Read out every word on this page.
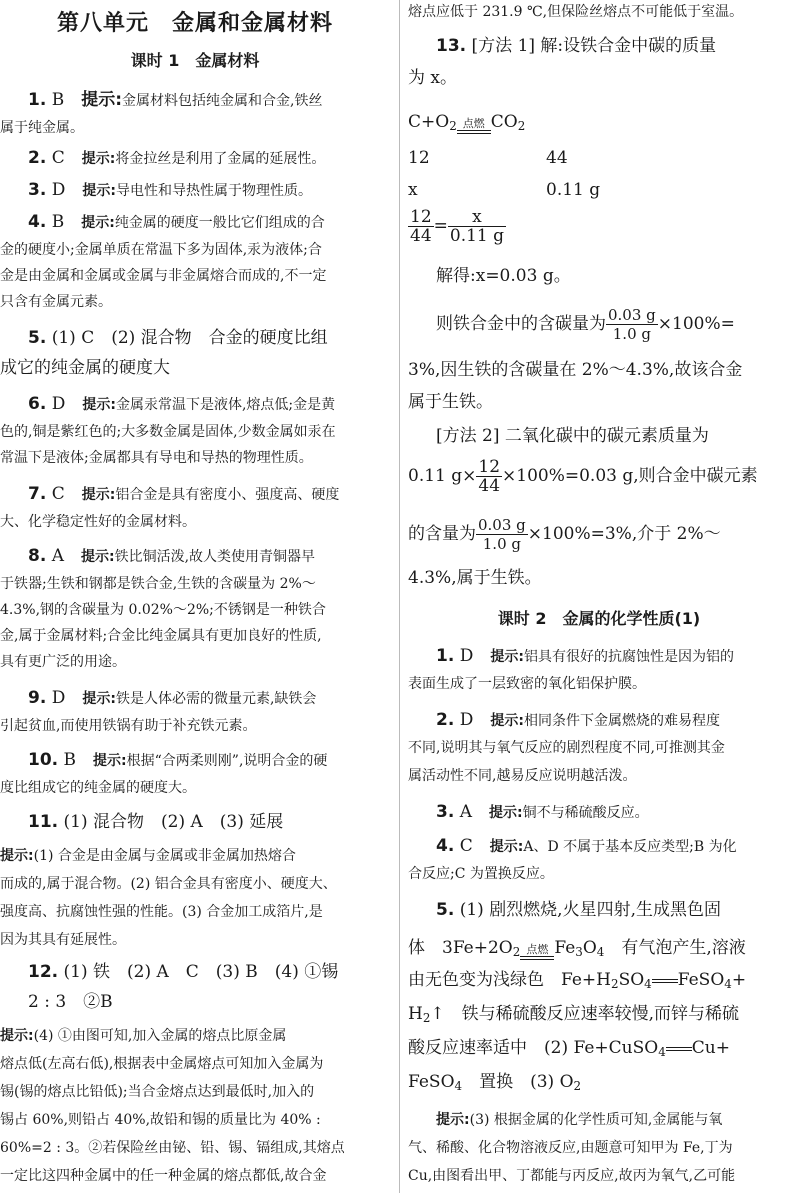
第八单元　金属和金属材料
课时 1　金属材料
1. B　 提示:金属材料包括纯金属和合金,铁丝
属于纯金属。
2. C　 提示:将金拉丝是利用了金属的延展性。
3. D　 提示:导电性和导热性属于物理性质。
4. B　 提示:纯金属的硬度一般比它们组成的合
金的硬度小;金属单质在常温下多为固体,汞为液体;合
金是由金属和金属或金属与非金属熔合而成的,不一定
只含有金属元素。
5. (1) C　(2) 混合物　合金的硬度比组
成它的纯金属的硬度大
6. D　 提示:金属汞常温下是液体,熔点低;金是黄
色的,铜是紫红色的;大多数金属是固体,少数金属如汞在
常温下是液体;金属都具有导电和导热的物理性质。
7. C　 提示:铝合金是具有密度小、强度高、硬度
大、化学稳定性好的金属材料。
8. A　 提示:铁比铜活泼,故人类使用青铜器早
于铁器;生铁和钢都是铁合金,生铁的含碳量为 2%～
4.3%,钢的含碳量为 0.02%～2%;不锈钢是一种铁合
金,属于金属材料;合金比纯金属具有更加良好的性质,
具有更广泛的用途。
9. D　 提示:铁是人体必需的微量元素,缺铁会
引起贫血,而使用铁锅有助于补充铁元素。
10. B　 提示:根据“合两柔则刚”,说明合金的硬
度比组成它的纯金属的硬度大。
11. (1) 混合物　(2) A　(3) 延展
提示:(1) 合金是由金属与金属或非金属加热熔合
而成的,属于混合物。(2) 铝合金具有密度小、硬度大、
强度高、抗腐蚀性强的性能。(3) 合金加工成箔片,是
因为其具有延展性。
12. (1) 铁　(2) A　C　(3) B　(4) ①锡
2 : 3　②B
提示:(4) ①由图可知,加入金属的熔点比原金属
熔点低(左高右低),根据表中金属熔点可知加入金属为
锡(锡的熔点比铅低);当合金熔点达到最低时,加入的
锡占 60%,则铅占 40%,故铅和锡的质量比为 40% :
60%=2 : 3。②若保险丝由铋、铅、锡、镉组成,其熔点
一定比这四种金属中的任一种金属的熔点都低,故合金
熔点应低于 231.9 ℃,但保险丝熔点不可能低于室温。
13. [方法 1] 解:设铁合金中碳的质量
为 x。
$C+O_2$ 点燃 $CO_2$
12	44
x	0.11 g
$\frac{12}{44} = \frac{x}{0.11 g}$
解得:x=0.03 g。
则铁合金中的含碳量为 $\frac{0.03 g}{1.0 g} \times 100\%=$
3%,因生铁的含碳量在 2%～4.3%,故该合金
属于生铁。
[方法 2] 二氧化碳中的碳元素质量为
0.11 $g\times \frac{12}{44} \times 100\%=0.03$ g,则合金中碳元素
的含量为 $\frac{0.03 g}{1.0 g} \times 100\%=3\%$,介于 2%～
4.3%,属于生铁。
课时 2　金属的化学性质(1)
1. D　 提示:铝具有很好的抗腐蚀性是因为铝的
表面生成了一层致密的氧化铝保护膜。
2. D　 提示:相同条件下金属燃烧的难易程度
不同,说明其与氧气反应的剧烈程度不同,可推测其金
属活动性不同,越易反应说明越活泼。
3. A　 提示:铜不与稀硫酸反应。
4. C　 提示:A、D 不属于基本反应类型;B 为化
合反应;C 为置换反应。
5. (1) 剧烈燃烧,火星四射,生成黑色固
体　$3Fe+2O_2$ 点燃 $Fe_3O_4$　有气泡产生,溶液
由无色变为浅绿色　$Fe+H_2SO_4$ FeSO$_4$+
$H_2↑$　铁与稀硫酸反应速率较慢,而锌与稀硫
酸反应速率适中　(2) Fe+CuSO$_4$ Cu+
FeSO$_4$　置换　(3) $O_2$
提示:(3) 根据金属的化学性质可知,金属能与氧
气、稀酸、化合物溶液反应,由题意可知甲为 Fe,丁为
Cu,由图看出甲、丁都能与丙反应,故丙为氧气,乙可能
